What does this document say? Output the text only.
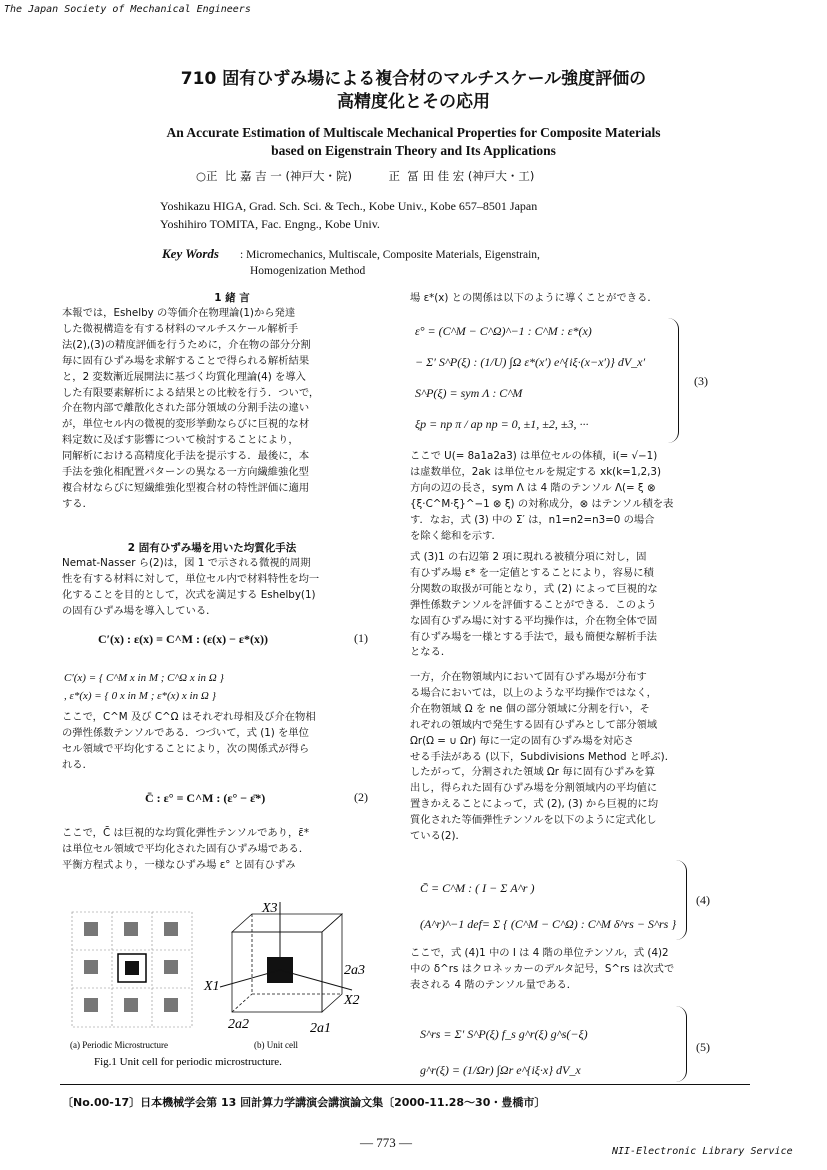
The Japan Society of Mechanical Engineers
710 固有ひずみ場による複合材のマルチスケール強度評価の
高精度化とその応用
An Accurate Estimation of Multiscale Mechanical Properties for Composite Materials
based on Eigenstrain Theory and Its Applications
○正  比 嘉 吉 一 (神戸大・院)          正  冨 田 佳 宏 (神戸大・工)
Yoshikazu HIGA, Grad. Sch. Sci. & Tech., Kobe Univ., Kobe 657–8501 Japan
Yoshihiro TOMITA, Fac. Engng., Kobe Univ.
Key Words : Micromechanics, Multiscale, Composite Materials, Eigenstrain,
Homogenization Method
1 緒 言
本報では，Eshelby の等価介在物理論(1)から発達
した微視構造を有する材料のマルチスケール解析手
法(2),(3)の精度評価を行うために，介在物の部分分割
毎に固有ひずみ場を求解することで得られる解析結果
と，2 変数漸近展開法に基づく均質化理論(4) を導入
した有限要素解析による結果との比較を行う．ついで，
介在物内部で離散化された部分領域の分割手法の違い
が，単位セル内の微視的変形挙動ならびに巨視的な材
料定数に及ぼす影響について検討することにより，
同解析における高精度化手法を提示する．最後に，本
手法を強化相配置パターンの異なる一方向繊維強化型
複合材ならびに短繊維強化型複合材の特性評価に適用
する．
2 固有ひずみ場を用いた均質化手法
Nemat-Nasser ら(2)は，図 1 で示される微視的周期
性を有する材料に対して，単位セル内で材料特性を均一
化することを目的として，次式を満足する Eshelby(1)
の固有ひずみ場を導入している．
C′(x) : ε(x) = C^M : (ε(x) − ε*(x))	(1)
C′(x) = { C^M x in M ; C^Ω x in Ω }
, ε*(x) = { 0 x in M ; ε*(x) x in Ω }
ここで，C^M 及び C^Ω はそれぞれ母相及び介在物相
の弾性係数テンソルである．つづいて，式 (1) を単位
セル領域で平均化することにより，次の関係式が得ら
れる．
C̄ : ε° = C^M : (ε° − ε̄*)	(2)
ここで，C̄ は巨視的な均質化弾性テンソルであり，ε̄*
は単位セル領域で平均化された固有ひずみ場である．
平衡方程式より，一様なひずみ場 ε° と固有ひずみ
X3
X1
X2
2a3
2a2	2a1
(a) Periodic Microstructure	(b) Unit cell
Fig.1 Unit cell for periodic microstructure.
場 ε*(x) との関係は以下のように導くことができる．
ε° = (C^M − C^Ω)^−1 : C^M : ε*(x)
− Σ′ S^P(ξ) : (1/U) ∫Ω ε*(x′) e^{iξ·(x−x′)} dV_x′
S^P(ξ) = sym Λ : C^M
ξp = np π / ap np = 0, ±1, ±2, ±3, ···
(3)
ここで U(= 8a1a2a3) は単位セルの体積，i(= √−1)
は虚数単位，2ak は単位セルを規定する xk(k=1,2,3)
方向の辺の長さ，sym Λ は 4 階のテンソル Λ(= ξ ⊗
{ξ·C^M·ξ}^−1 ⊗ ξ) の対称成分，⊗ はテンソル積を表
す．なお，式 (3) 中の Σ′ は，n1=n2=n3=0 の場合
を除く総和を示す．
式 (3)1 の右辺第 2 項に現れる被積分項に対し，固
有ひずみ場 ε* を一定値とすることにより，容易に積
分関数の取扱が可能となり，式 (2) によって巨視的な
弾性係数テンソルを評価することができる．このよう
な固有ひずみ場に対する平均操作は，介在物全体で固
有ひずみ場を一様とする手法で，最も簡便な解析手法
となる．
一方，介在物領域内において固有ひずみ場が分布す
る場合においては，以上のような平均操作ではなく，
介在物領域 Ω を ne 個の部分領域に分割を行い，そ
れぞれの領域内で発生する固有ひずみとして部分領域
Ωr(Ω = ∪ Ωr) 毎に一定の固有ひずみ場を対応さ
せる手法がある (以下，Subdivisions Method と呼ぶ)．
したがって，分割された領域 Ωr 毎に固有ひずみを算
出し，得られた固有ひずみ場を分割領域内の平均値に
置きかえることによって，式 (2), (3) から巨視的に均
質化された等価弾性テンソルを以下のように定式化し
ている(2)．
C̄ = C^M : ( I − Σ A^r )
(A^r)^−1 def= Σ { (C^M − C^Ω) : C^M δ^rs − S^rs }
(4)
ここで，式 (4)1 中の I は 4 階の単位テンソル，式 (4)2
中の δ^rs はクロネッカーのデルタ記号，S^rs は次式で
表される 4 階のテンソル量である．
S^rs = Σ′ S^P(ξ) f_s g^r(ξ) g^s(−ξ)
g^r(ξ) = (1/Ωr) ∫Ωr e^{iξ·x} dV_x
(5)
〔No.00-17〕日本機械学会第 13 回計算力学講演会講演論文集〔2000-11.28〜30・豊橋市〕
— 773 —
NII-Electronic Library Service
